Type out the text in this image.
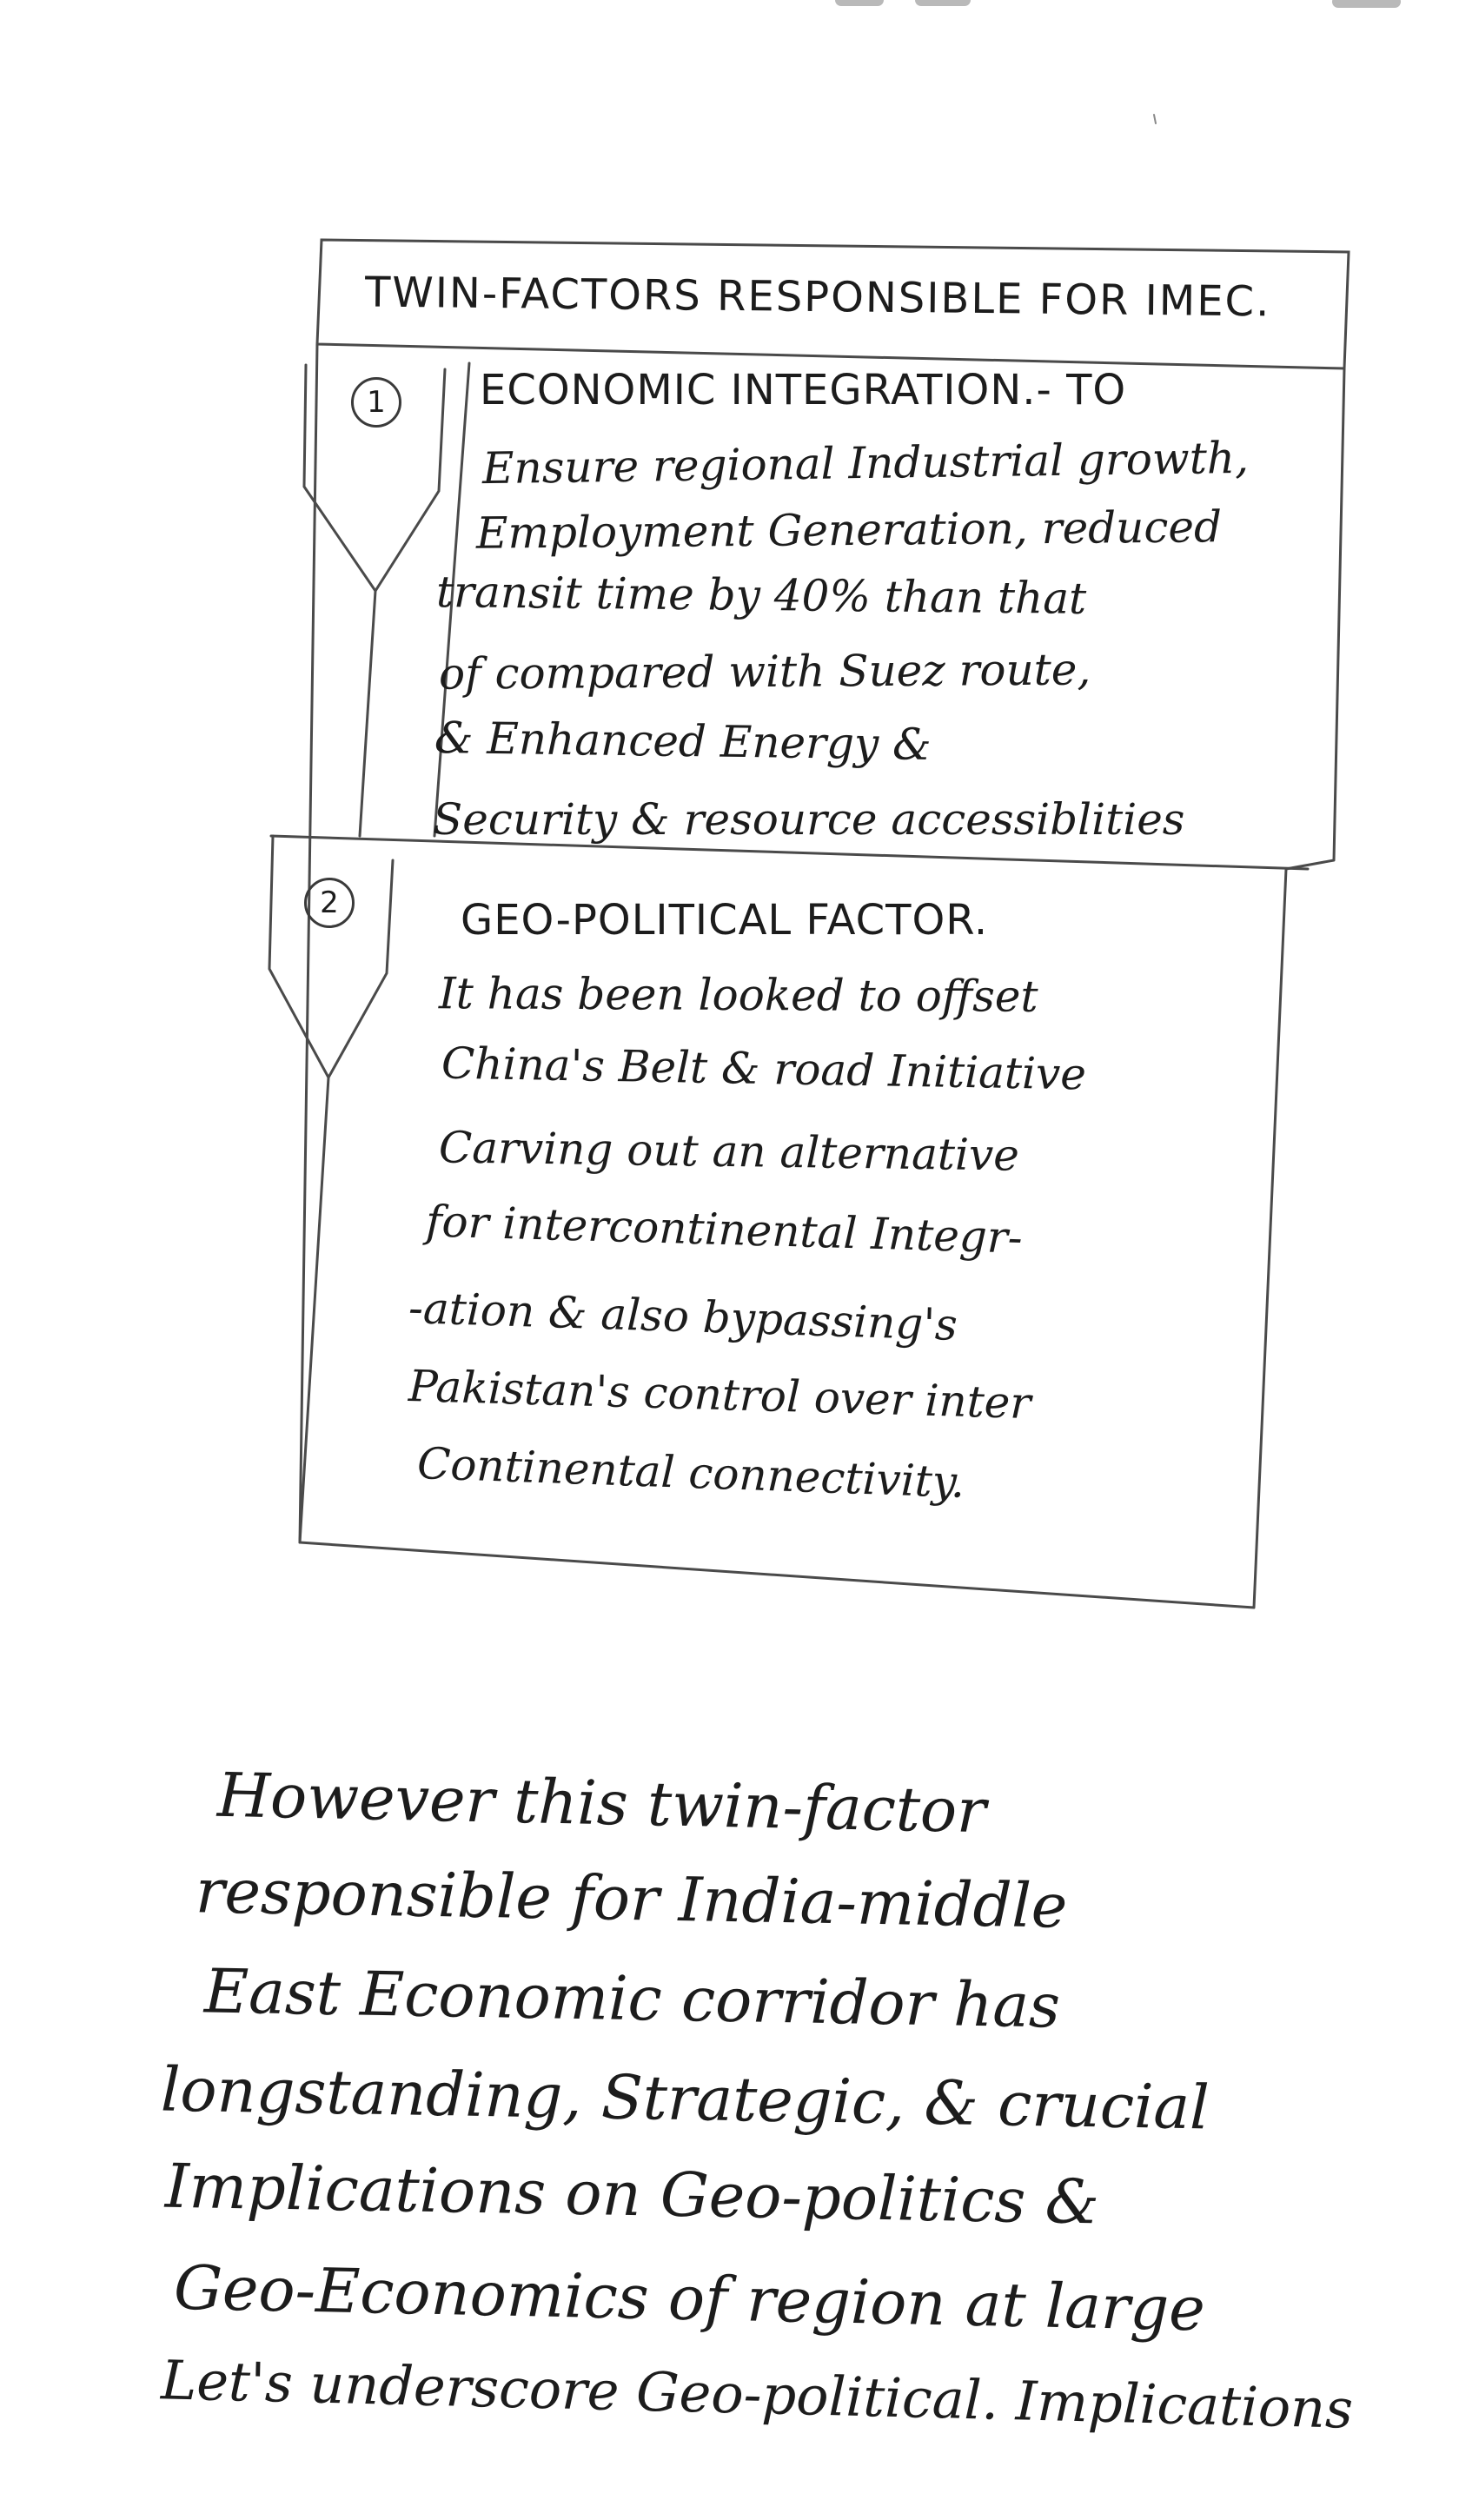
TWIN-FACTORS RESPONSIBLE FOR IMEC.
1	ECONOMIC INTEGRATION.- TO
Ensure regional Industrial growth,
Employment Generation, reduced
transit time by 40% than that
of compared with Suez route,
& Enhanced Energy &
Security & resource accessiblities
2	GEO-POLITICAL FACTOR.
It has been looked to offset
China's Belt & road Initiative
Carving out an alternative
for intercontinental Integr-
-ation & also bypassing's
Pakistan's control over inter
Continental connectivity.
However this twin-factor
responsible for India-middle
East Economic corridor has
longstanding, Strategic, & crucial
Implications on Geo-politics &
Geo-Economics of region at large
Let's underscore Geo-political. Implications
